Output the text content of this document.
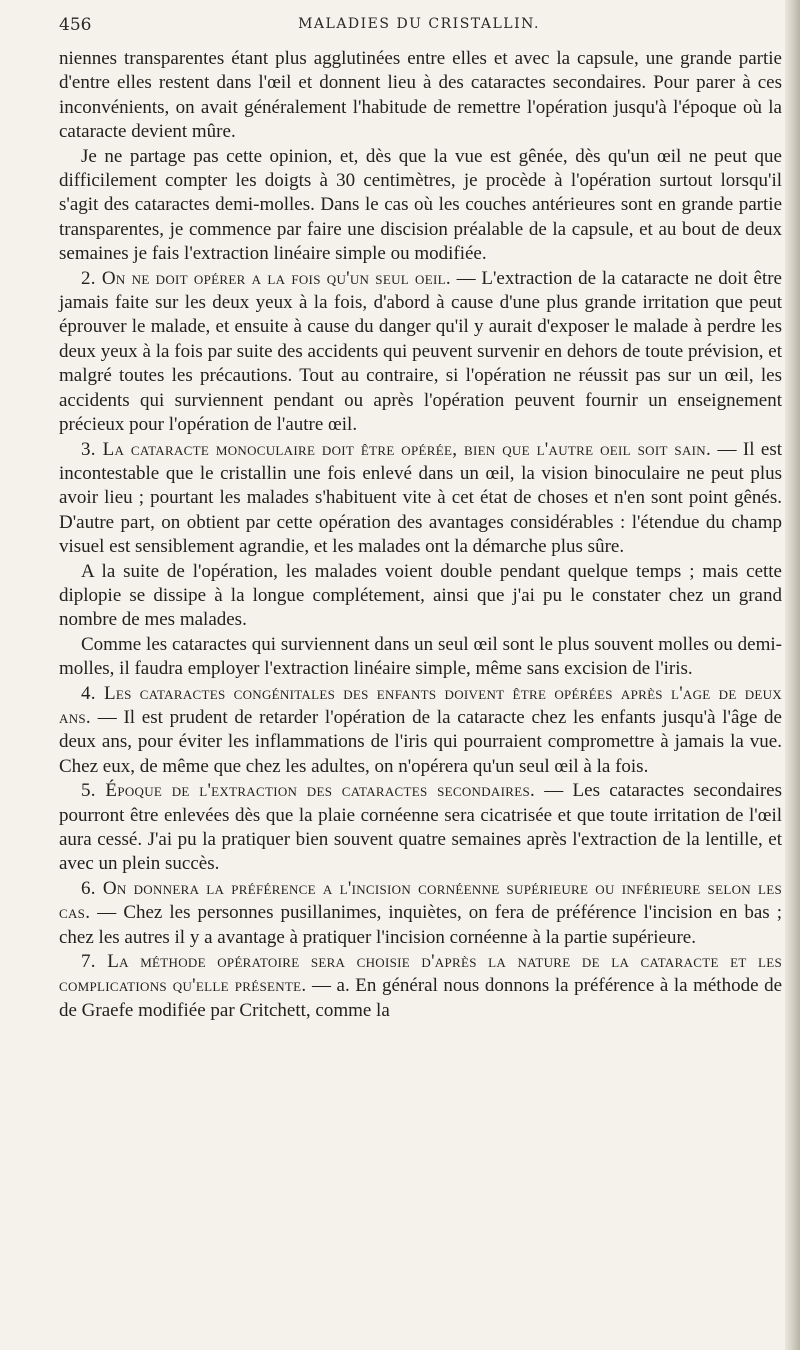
456	MALADIES DU CRISTALLIN.

niennes transparentes étant plus agglutinées entre elles et avec la capsule, une grande partie d'entre elles restent dans l'œil et donnent lieu à des cataractes secondaires. Pour parer à ces inconvénients, on avait généralement l'habitude de remettre l'opération jusqu'à l'époque où la cataracte devient mûre.

Je ne partage pas cette opinion, et, dès que la vue est gênée, dès qu'un œil ne peut que difficilement compter les doigts à 30 centimètres, je procède à l'opération surtout lorsqu'il s'agit des cataractes demi-molles. Dans le cas où les couches antérieures sont en grande partie transparentes, je commence par faire une discision préalable de la capsule, et au bout de deux semaines je fais l'extraction linéaire simple ou modifiée.

2. On ne doit opérer a la fois qu'un seul oeil. — L'extraction de la cataracte ne doit être jamais faite sur les deux yeux à la fois, d'abord à cause d'une plus grande irritation que peut éprouver le malade, et ensuite à cause du danger qu'il y aurait d'exposer le malade à perdre les deux yeux à la fois par suite des accidents qui peuvent survenir en dehors de toute prévision, et malgré toutes les précautions. Tout au contraire, si l'opération ne réussit pas sur un œil, les accidents qui surviennent pendant ou après l'opération peuvent fournir un enseignement précieux pour l'opération de l'autre œil.

3. La cataracte monoculaire doit être opérée, bien que l'autre oeil soit sain. — Il est incontestable que le cristallin une fois enlevé dans un œil, la vision binoculaire ne peut plus avoir lieu ; pourtant les malades s'habituent vite à cet état de choses et n'en sont point gênés. D'autre part, on obtient par cette opération des avantages considérables : l'étendue du champ visuel est sensiblement agrandie, et les malades ont la démarche plus sûre.

A la suite de l'opération, les malades voient double pendant quelque temps ; mais cette diplopie se dissipe à la longue complétement, ainsi que j'ai pu le constater chez un grand nombre de mes malades.

Comme les cataractes qui surviennent dans un seul œil sont le plus souvent molles ou demi-molles, il faudra employer l'extraction linéaire simple, même sans excision de l'iris.

4. Les cataractes congénitales des enfants doivent être opérées après l'age de deux ans. — Il est prudent de retarder l'opération de la cataracte chez les enfants jusqu'à l'âge de deux ans, pour éviter les inflammations de l'iris qui pourraient compromettre à jamais la vue. Chez eux, de même que chez les adultes, on n'opérera qu'un seul œil à la fois.

5. Époque de l'extraction des cataractes secondaires. — Les cataractes secondaires pourront être enlevées dès que la plaie cornéenne sera cicatrisée et que toute irritation de l'œil aura cessé. J'ai pu la pratiquer bien souvent quatre semaines après l'extraction de la lentille, et avec un plein succès.

6. On donnera la préférence a l'incision cornéenne supérieure ou inférieure selon les cas. — Chez les personnes pusillanimes, inquiètes, on fera de préférence l'incision en bas ; chez les autres il y a avantage à pratiquer l'incision cornéenne à la partie supérieure.

7. La méthode opératoire sera choisie d'après la nature de la cataracte et les complications qu'elle présente. — a. En général nous donnons la préférence à la méthode de de Graefe modifiée par Critchett, comme la
